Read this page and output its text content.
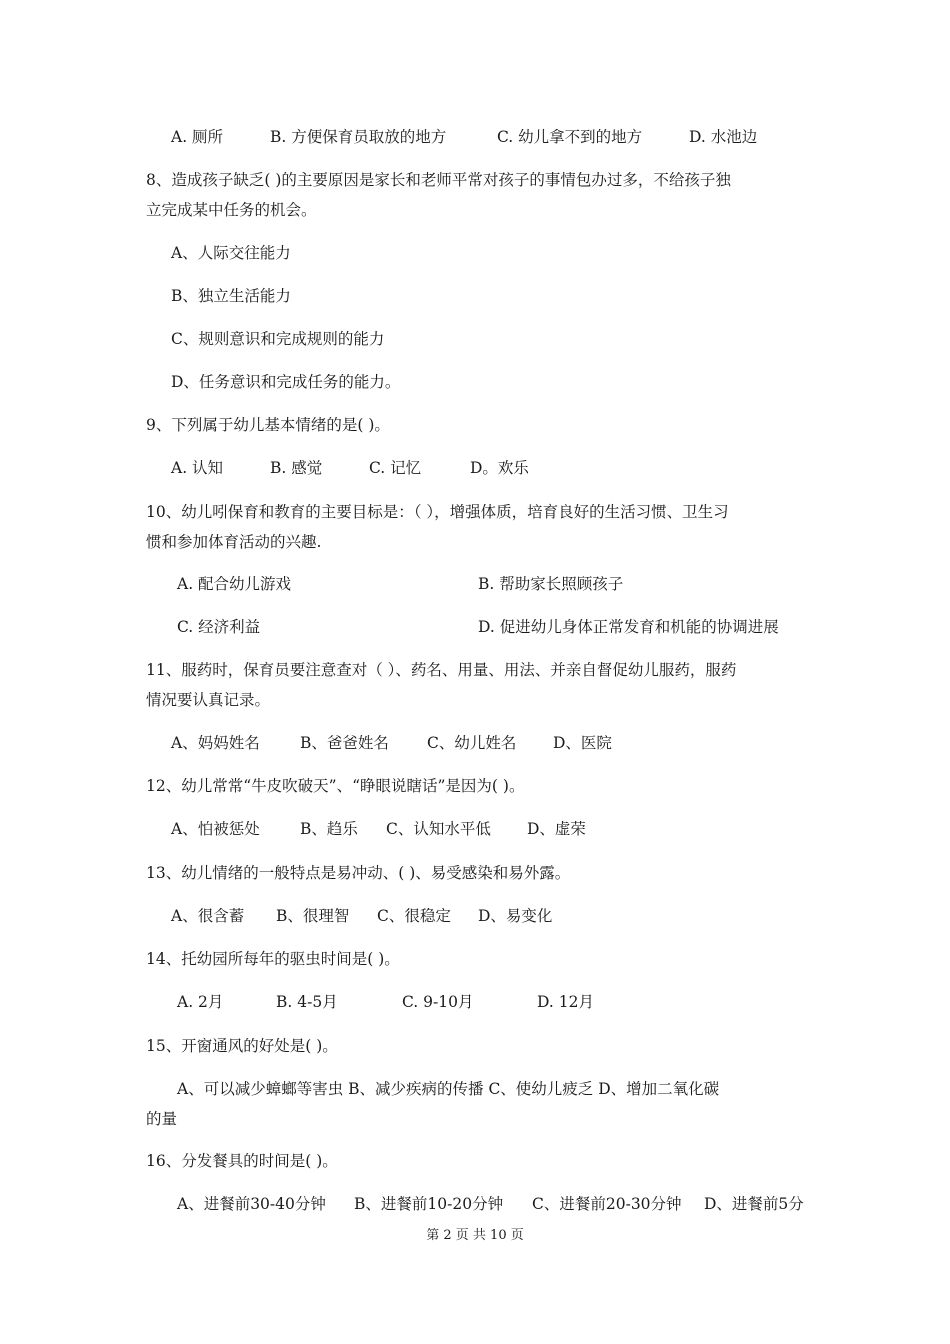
A. 厕所	B. 方便保育员取放的地方	C. 幼儿拿不到的地方	D. 水池边
8、造成孩子缺乏( )的主要原因是家长和老师平常对孩子的事情包办过多，不给孩子独
立完成某中任务的机会。
A、人际交往能力
B、独立生活能力
C、规则意识和完成规则的能力
D、任务意识和完成任务的能力。
9、下列属于幼儿基本情绪的是( )。
A. 认知	B. 感觉	C. 记忆	D。欢乐
10、幼儿吲保育和教育的主要目标是：（ ），增强体质，培育良好的生活习惯、卫生习
惯和参加体育活动的兴趣.
A. 配合幼儿游戏	B. 帮助家长照顾孩子
C. 经济利益	D. 促进幼儿身体正常发育和机能的协调进展
11、服药时，保育员要注意查对（ ）、药名、用量、用法、并亲自督促幼儿服药，服药
情况要认真记录。
A、妈妈姓名	B、爸爸姓名 C、幼儿姓名 D、医院
12、幼儿常常“牛皮吹破天”、“睁眼说瞎话”是因为( )。
A、怕被惩处	B、趋乐 C、认知水平低 D、虚荣
13、幼儿情绪的一般特点是易冲动、( )、易受感染和易外露。
A、很含蓄 B、很理智 C、很稳定 D、易变化
14、托幼园所每年的驱虫时间是( )。
A. 2月	B. 4-5月	C. 9-10月	D. 12月
15、开窗通风的好处是( )。
A、可以减少蟑螂等害虫 B、减少疾病的传播 C、使幼儿疲乏 D、增加二氧化碳
的量
16、分发餐具的时间是( )。
A、进餐前30-40分钟 B、进餐前10-20分钟 C、进餐前20-30分钟 D、进餐前5分
第 2 页 共 10 页
